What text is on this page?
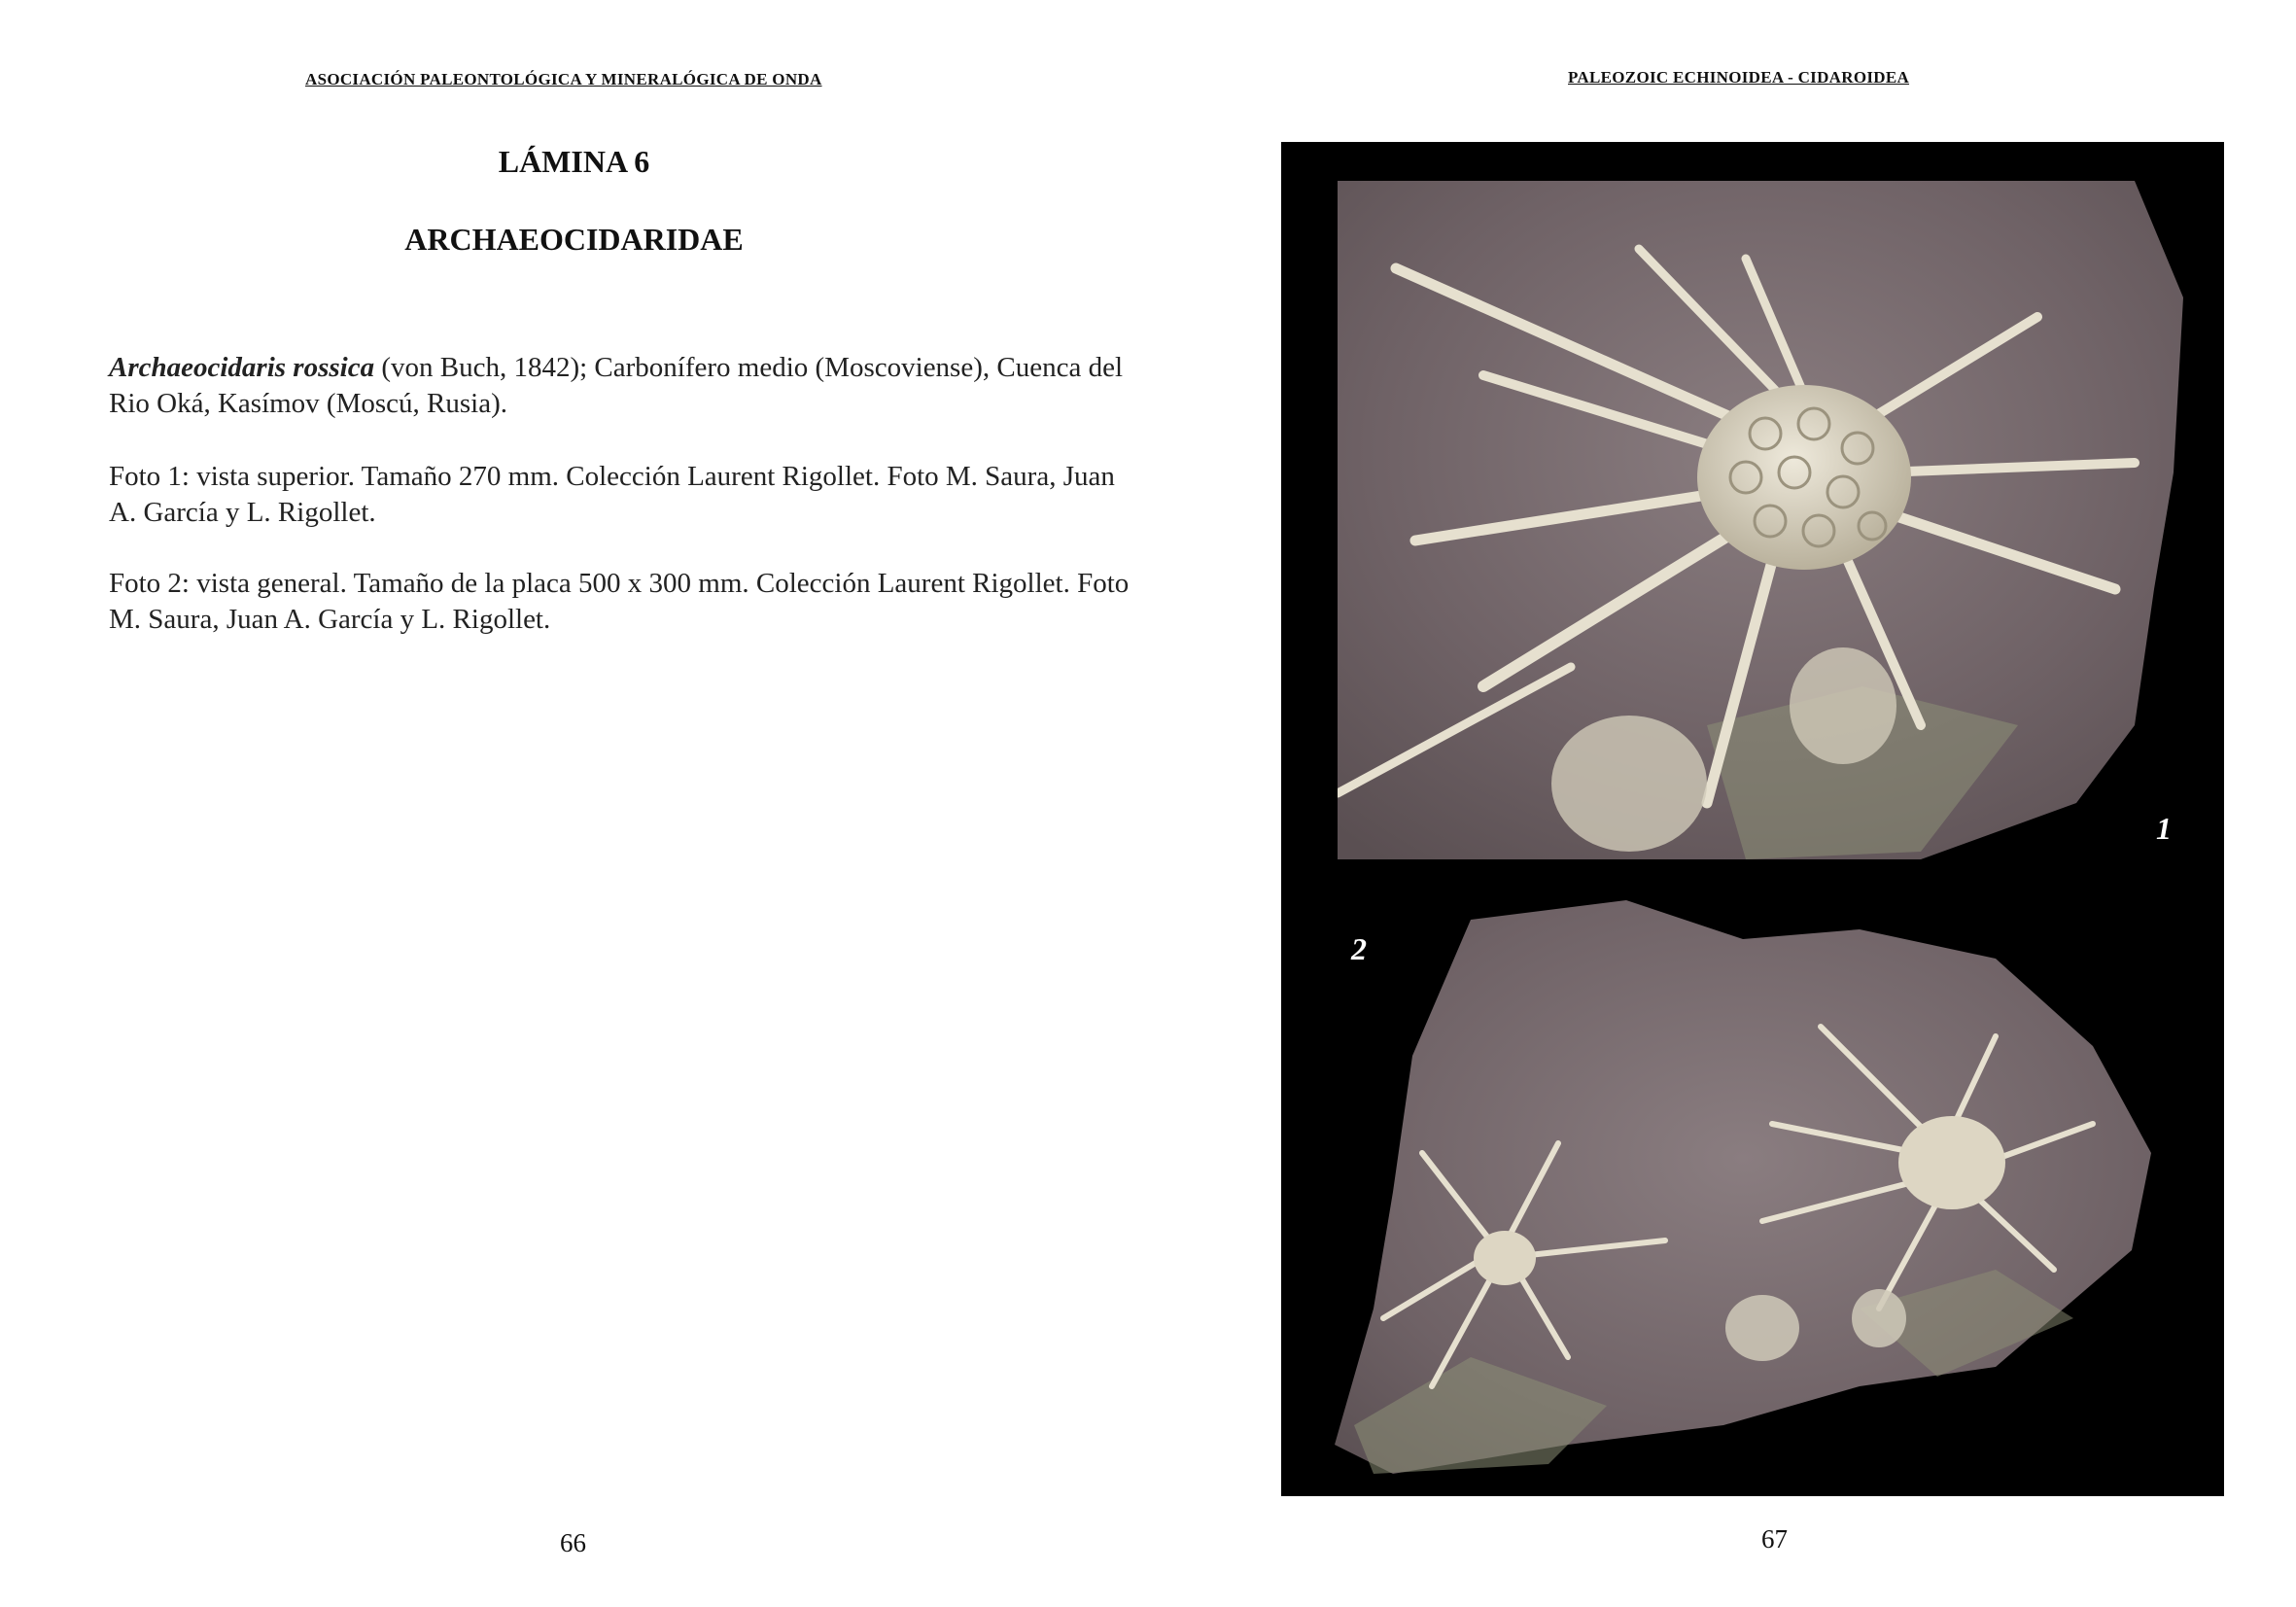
ASOCIACIÓN PALEONTOLÓGICA Y MINERALÓGICA DE ONDA
LÁMINA 6
ARCHAEOCIDARIDAE
Archaeocidaris rossica (von Buch, 1842); Carbonífero medio (Moscoviense), Cuenca del Rio Oká, Kasímov (Moscú, Rusia).
Foto 1: vista superior. Tamaño 270 mm. Colección Laurent Rigollet. Foto M. Saura, Juan A. García y L. Rigollet.
Foto 2: vista general. Tamaño de la placa 500 x 300 mm. Colección Laurent Rigollet. Foto M. Saura, Juan A. García y L. Rigollet.
66
PALEOZOIC ECHINOIDEA - CIDAROIDEA
1
2
67
